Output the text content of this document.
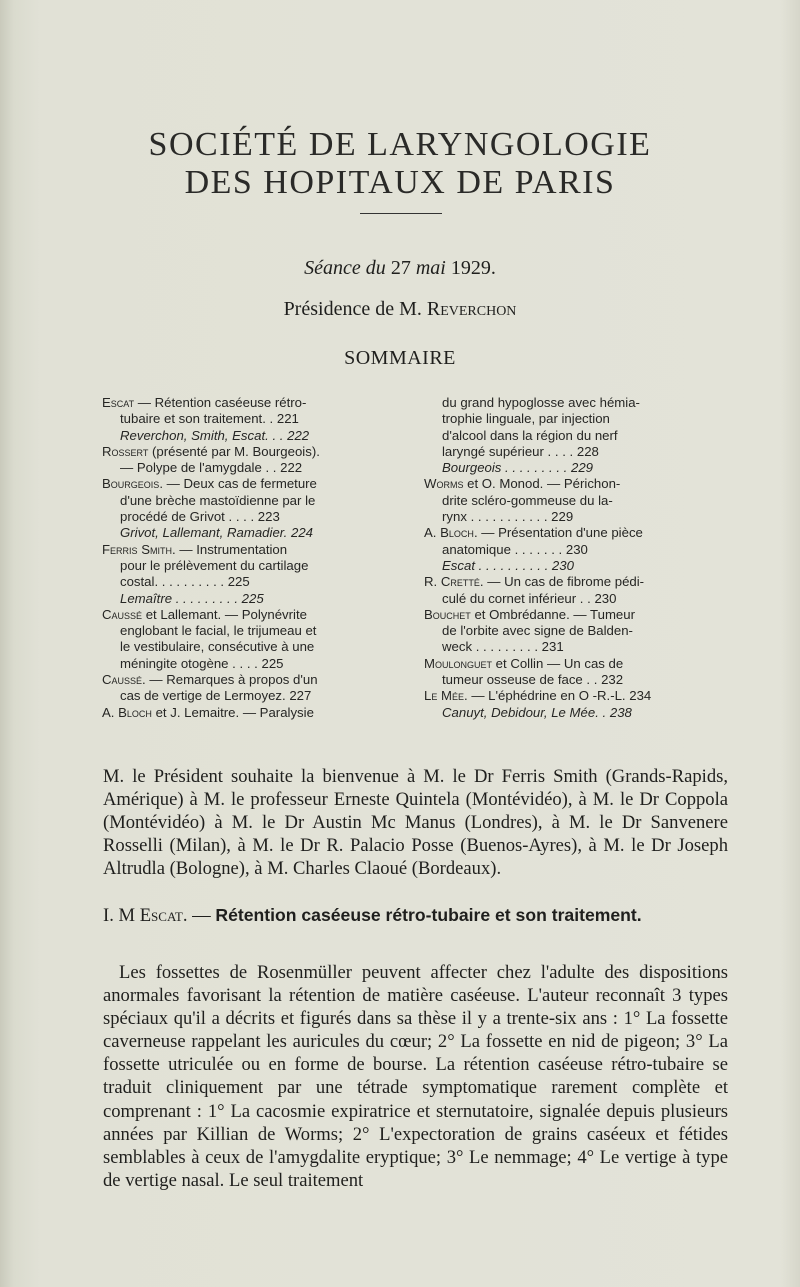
SOCIÉTÉ DE LARYNGOLOGIE
DES HOPITAUX DE PARIS
Séance du 27 mai 1929.
Présidence de M. Reverchon
SOMMAIRE
Escat — Rétention caséeuse rétro-
tubaire et son traitement. . 221
Reverchon, Smith, Escat. . . 222
Rossert (présenté par M. Bourgeois).
— Polype de l'amygdale . . 222
Bourgeois. — Deux cas de fermeture
d'une brèche mastoïdienne par le
procédé de Grivot . . . . 223
Grivot, Lallemant, Ramadier. 224
Ferris Smith. — Instrumentation
pour le prélèvement du cartilage
costal. . . . . . . . . . 225
Lemaître . . . . . . . . . 225
Caussé et Lallemant. — Polynévrite
englobant le facial, le trijumeau et
le vestibulaire, consécutive à une
méningite otogène . . . . 225
Caussé. — Remarques à propos d'un
cas de vertige de Lermoyez. 227
A. Bloch et J. Lemaitre. — Paralysie
du grand hypoglosse avec hémia-
trophie linguale, par injection
d'alcool dans la région du nerf
laryngé supérieur . . . . 228
Bourgeois . . . . . . . . . 229
Worms et O. Monod. — Périchon-
drite scléro-gommeuse du la-
rynx . . . . . . . . . . . 229
A. Bloch. — Présentation d'une pièce
anatomique . . . . . . . 230
Escat . . . . . . . . . . 230
R. Cretté. — Un cas de fibrome pédi-
culé du cornet inférieur . . 230
Bouchet et Ombrédanne. — Tumeur
de l'orbite avec signe de Balden-
weck . . . . . . . . . 231
Moulonguet et Collin — Un cas de
tumeur osseuse de face . . 232
Le Mée. — L'éphédrine en O -R.-L. 234
Canuyt, Debidour, Le Mée. . 238
M. le Président souhaite la bienvenue à M. le Dr Ferris Smith (Grands-Rapids, Amérique) à M. le professeur Erneste Quintela (Montévidéo), à M. le Dr Coppola (Montévidéo) à M. le Dr Austin Mc Manus (Londres), à M. le Dr Sanvenere Rosselli (Milan), à M. le Dr R. Palacio Posse (Buenos-Ayres), à M. le Dr Joseph Altrudla (Bologne), à M. Charles Claoué (Bordeaux).
I. M Escat. — Rétention caséeuse rétro-tubaire et son traitement.
Les fossettes de Rosenmüller peuvent affecter chez l'adulte des dispositions anormales favorisant la rétention de matière caséeuse. L'auteur reconnaît 3 types spéciaux qu'il a décrits et figurés dans sa thèse il y a trente-six ans : 1° La fossette caverneuse rappelant les auricules du cœur; 2° La fossette en nid de pigeon; 3° La fossette utriculée ou en forme de bourse. La rétention caséeuse rétro-tubaire se traduit cliniquement par une tétrade symptomatique rarement complète et comprenant : 1° La cacosmie expiratrice et sternutatoire, signalée depuis plusieurs années par Killian de Worms; 2° L'expectoration de grains caséeux et fétides semblables à ceux de l'amygdalite eryptique; 3° Le nemmage; 4° Le vertige à type de vertige nasal. Le seul traitement
